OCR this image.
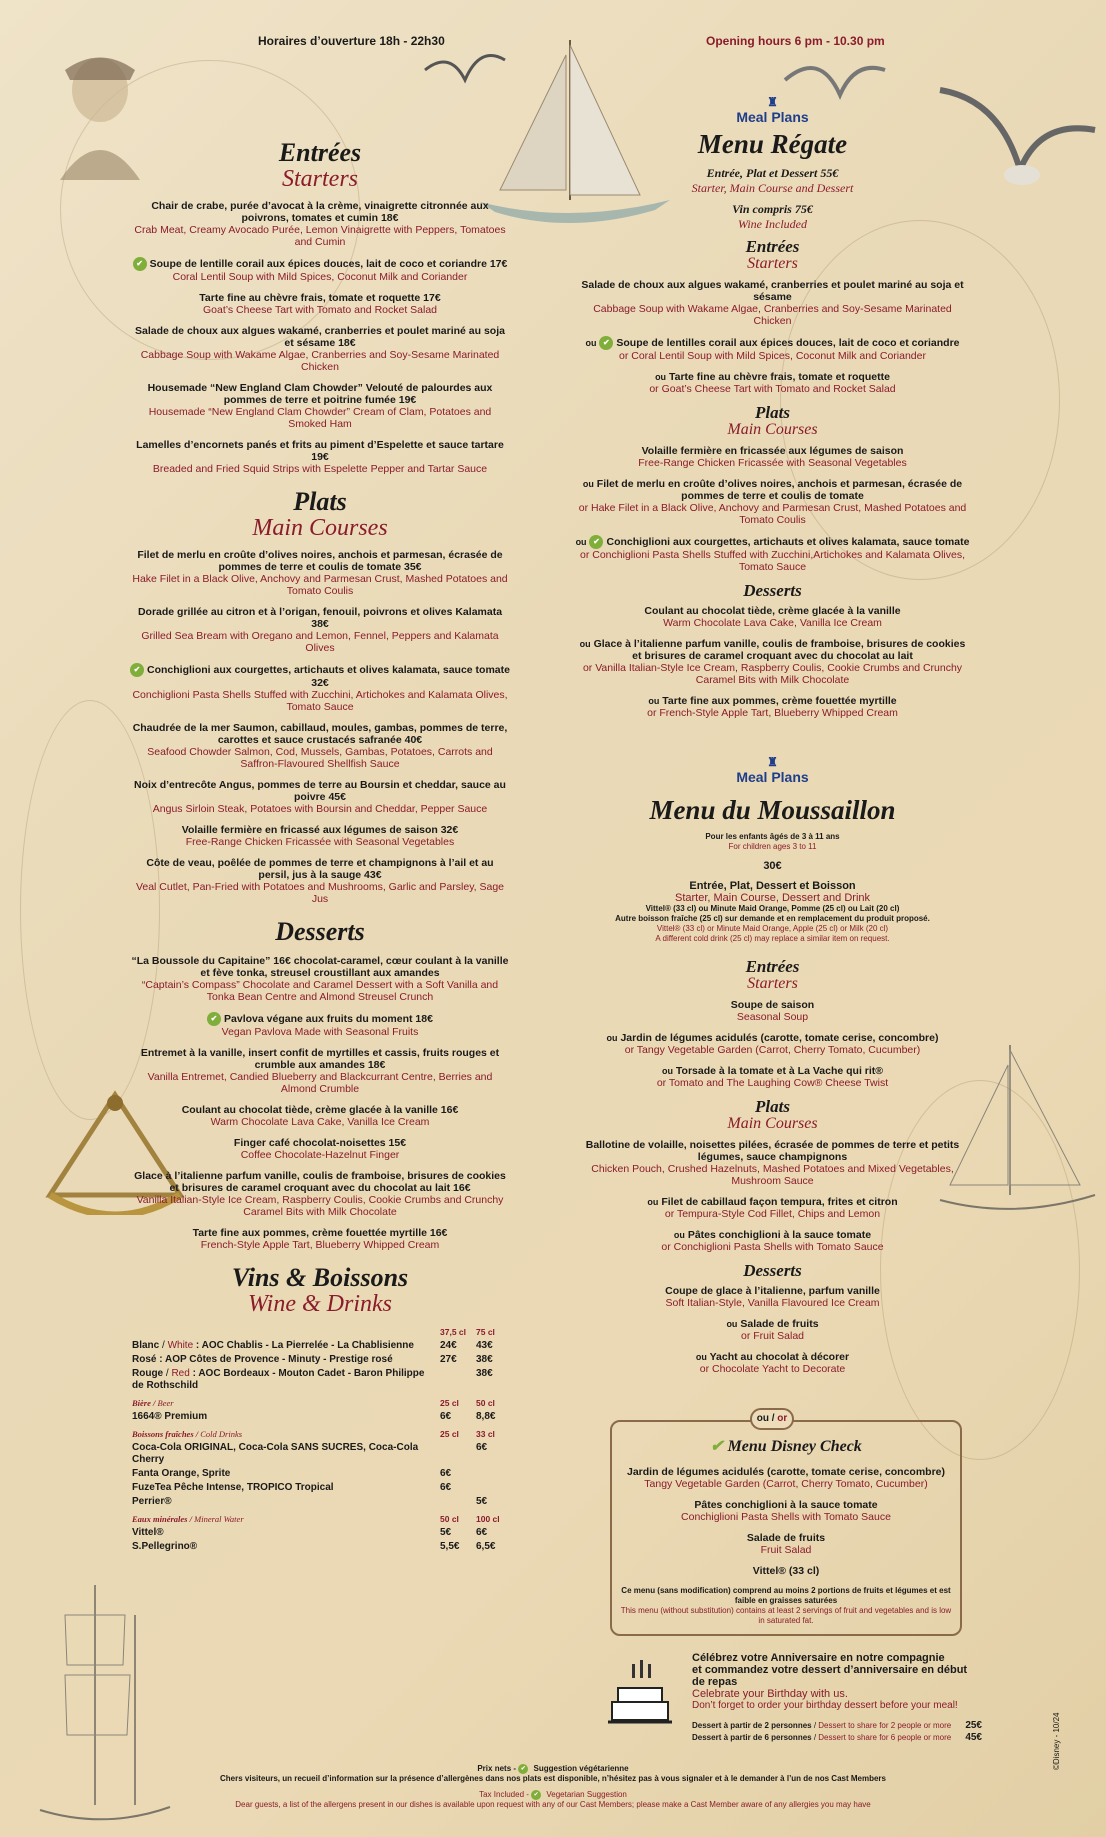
Horaires d’ouverture 18h - 22h30	Opening hours 6 pm - 10.30 pm
Entrées
Starters
Chair de crabe, purée d’avocat à la crème, vinaigrette citronnée aux poivrons, tomates et cumin 18€
Crab Meat, Creamy Avocado Purée, Lemon Vinaigrette with Peppers, Tomatoes and Cumin
✔ Soupe de lentille corail aux épices douces, lait de coco et coriandre 17€
Coral Lentil Soup with Mild Spices, Coconut Milk and Coriander
Tarte fine au chèvre frais, tomate et roquette 17€
Goat’s Cheese Tart with Tomato and Rocket Salad
Salade de choux aux algues wakamé, cranberries et poulet mariné au soja et sésame 18€
Cabbage Soup with Wakame Algae, Cranberries and Soy-Sesame Marinated Chicken
Housemade “New England Clam Chowder” Velouté de palourdes aux pommes de terre et poitrine fumée 19€
Housemade “New England Clam Chowder” Cream of Clam, Potatoes and Smoked Ham
Lamelles d’encornets panés et frits au piment d’Espelette et sauce tartare 19€
Breaded and Fried Squid Strips with Espelette Pepper and Tartar Sauce
Plats
Main Courses
Filet de merlu en croûte d’olives noires, anchois et parmesan, écrasée de pommes de terre et coulis de tomate 35€
Hake Filet in a Black Olive, Anchovy and Parmesan Crust, Mashed Potatoes and Tomato Coulis
Dorade grillée au citron et à l’origan, fenouil, poivrons et olives Kalamata 38€
Grilled Sea Bream with Oregano and Lemon, Fennel, Peppers and Kalamata Olives
✔ Conchiglioni aux courgettes, artichauts et olives kalamata, sauce tomate 32€
Conchiglioni Pasta Shells Stuffed with Zucchini, Artichokes and Kalamata Olives, Tomato Sauce
Chaudrée de la mer Saumon, cabillaud, moules, gambas, pommes de terre, carottes et sauce crustacés safranée 40€
Seafood Chowder Salmon, Cod, Mussels, Gambas, Potatoes, Carrots and Saffron-Flavoured Shellfish Sauce
Noix d’entrecôte Angus, pommes de terre au Boursin et cheddar, sauce au poivre 45€
Angus Sirloin Steak, Potatoes with Boursin and Cheddar, Pepper Sauce
Volaille fermière en fricassé aux légumes de saison 32€
Free-Range Chicken Fricassée with Seasonal Vegetables
Côte de veau, poêlée de pommes de terre et champignons à l’ail et au persil, jus à la sauge 43€
Veal Cutlet, Pan-Fried with Potatoes and Mushrooms, Garlic and Parsley, Sage Jus
Desserts
“La Boussole du Capitaine” 16€ chocolat-caramel, cœur coulant à la vanille et fève tonka, streusel croustillant aux amandes
“Captain’s Compass” Chocolate and Caramel Dessert with a Soft Vanilla and Tonka Bean Centre and Almond Streusel Crunch
✔ Pavlova végane aux fruits du moment 18€
Vegan Pavlova Made with Seasonal Fruits
Entremet à la vanille, insert confit de myrtilles et cassis, fruits rouges et crumble aux amandes 18€
Vanilla Entremet, Candied Blueberry and Blackcurrant Centre, Berries and Almond Crumble
Coulant au chocolat tiède, crème glacée à la vanille 16€
Warm Chocolate Lava Cake, Vanilla Ice Cream
Finger café chocolat-noisettes 15€
Coffee Chocolate-Hazelnut Finger
Glace à l’italienne parfum vanille, coulis de framboise, brisures de cookies et brisures de caramel croquant avec du chocolat au lait 16€
Vanilla Italian-Style Ice Cream, Raspberry Coulis, Cookie Crumbs and Crunchy Caramel Bits with Milk Chocolate
Tarte fine aux pommes, crème fouettée myrtille 16€
French-Style Apple Tart, Blueberry Whipped Cream
Vins & Boissons
Wine & Drinks
	37,5 cl	75 cl
Blanc / White : AOC Chablis - La Pierrelée - La Chablisienne	24€	43€
Rosé : AOP Côtes de Provence - Minuty - Prestige rosé	27€	38€
Rouge / Red : AOC Bordeaux - Mouton Cadet - Baron Philippe de Rothschild		38€
Bière / Beer	25 cl	50 cl
1664® Premium	6€	8,8€
Boissons fraîches / Cold Drinks	25 cl	33 cl
Coca-Cola ORIGINAL, Coca-Cola SANS SUCRES, Coca-Cola Cherry		6€
Fanta Orange, Sprite	6€	
FuzeTea Pêche Intense, TROPICO Tropical	6€	
Perrier®		5€
Eaux minérales / Mineral Water	50 cl	100 cl
Vittel®	5€	6€
S.Pellegrino®	5,5€	6,5€
♜
Meal Plans
Menu Régate
Entrée, Plat et Dessert 55€
Starter, Main Course and Dessert
Vin compris 75€
Wine Included
Entrées
Starters
Salade de choux aux algues wakamé, cranberries et poulet mariné au soja et sésame
Cabbage Soup with Wakame Algae, Cranberries and Soy-Sesame Marinated Chicken
ou ✔ Soupe de lentilles corail aux épices douces, lait de coco et coriandre
or Coral Lentil Soup with Mild Spices, Coconut Milk and Coriander
ou Tarte fine au chèvre frais, tomate et roquette
or Goat’s Cheese Tart with Tomato and Rocket Salad
Plats
Main Courses
Volaille fermière en fricassée aux légumes de saison
Free-Range Chicken Fricassée with Seasonal Vegetables
ou Filet de merlu en croûte d’olives noires, anchois et parmesan, écrasée de pommes de terre et coulis de tomate
or Hake Filet in a Black Olive, Anchovy and Parmesan Crust, Mashed Potatoes and Tomato Coulis
ou ✔ Conchiglioni aux courgettes, artichauts et olives kalamata, sauce tomate
or Conchiglioni Pasta Shells Stuffed with Zucchini,Artichokes and Kalamata Olives, Tomato Sauce
Desserts
Coulant au chocolat tiède, crème glacée à la vanille
Warm Chocolate Lava Cake, Vanilla Ice Cream
ou Glace à l’italienne parfum vanille, coulis de framboise, brisures de cookies et brisures de caramel croquant avec du chocolat au lait
or Vanilla Italian-Style Ice Cream, Raspberry Coulis, Cookie Crumbs and Crunchy Caramel Bits with Milk Chocolate
ou Tarte fine aux pommes, crème fouettée myrtille
or French-Style Apple Tart, Blueberry Whipped Cream
♜
Meal Plans
Menu du Moussaillon
Pour les enfants âgés de 3 à 11 ans
For children ages 3 to 11
30€
Entrée, Plat, Dessert et Boisson
Starter, Main Course, Dessert and Drink
Vittel® (33 cl) ou Minute Maid Orange, Pomme (25 cl) ou Lait (20 cl)
Autre boisson fraîche (25 cl) sur demande et en remplacement du produit proposé.
Vittel® (33 cl) or Minute Maid Orange, Apple (25 cl) or Milk (20 cl)
A different cold drink (25 cl) may replace a similar item on request.
Entrées
Starters
Soupe de saison
Seasonal Soup
ou Jardin de légumes acidulés (carotte, tomate cerise, concombre)
or Tangy Vegetable Garden (Carrot, Cherry Tomato, Cucumber)
ou Torsade à la tomate et à La Vache qui rit®
or Tomato and The Laughing Cow® Cheese Twist
Plats
Main Courses
Ballotine de volaille, noisettes pilées, écrasée de pommes de terre et petits légumes, sauce champignons
Chicken Pouch, Crushed Hazelnuts, Mashed Potatoes and Mixed Vegetables, Mushroom Sauce
ou Filet de cabillaud façon tempura, frites et citron
or Tempura-Style Cod Fillet, Chips and Lemon
ou Pâtes conchiglioni à la sauce tomate
or Conchiglioni Pasta Shells with Tomato Sauce
Desserts
Coupe de glace à l’italienne, parfum vanille
Soft Italian-Style, Vanilla Flavoured Ice Cream
ou Salade de fruits
or Fruit Salad
ou Yacht au chocolat à décorer
or Chocolate Yacht to Decorate
✔ Menu Disney Check
Jardin de légumes acidulés (carotte, tomate cerise, concombre)
Tangy Vegetable Garden (Carrot, Cherry Tomato, Cucumber)
Pâtes conchiglioni à la sauce tomate
Conchiglioni Pasta Shells with Tomato Sauce
Salade de fruits
Fruit Salad
Vittel® (33 cl)
Ce menu (sans modification) comprend au moins 2 portions de fruits et légumes et est faible en graisses saturées
This menu (without substitution) contains at least 2 servings of fruit and vegetables and is low in saturated fat.
ou / or
Célébrez votre Anniversaire en notre compagnie
et commandez votre dessert d’anniversaire en début de repas
Celebrate your Birthday with us.
Don’t forget to order your birthday dessert before your meal!
Dessert à partir de 2 personnes / Dessert to share for 2 people or more 25€
Dessert à partir de 6 personnes / Dessert to share for 6 people or more 45€
Prix nets - ✔ Suggestion végétarienne
Chers visiteurs, un recueil d’information sur la présence d’allergènes dans nos plats est disponible, n’hésitez pas à vous signaler et à le demander à l’un de nos Cast Members
Tax Included - ✔ Vegetarian Suggestion
Dear guests, a list of the allergens present in our dishes is available upon request with any of our Cast Members; please make a Cast Member aware of any allergies you may have
©Disney - 10/24
